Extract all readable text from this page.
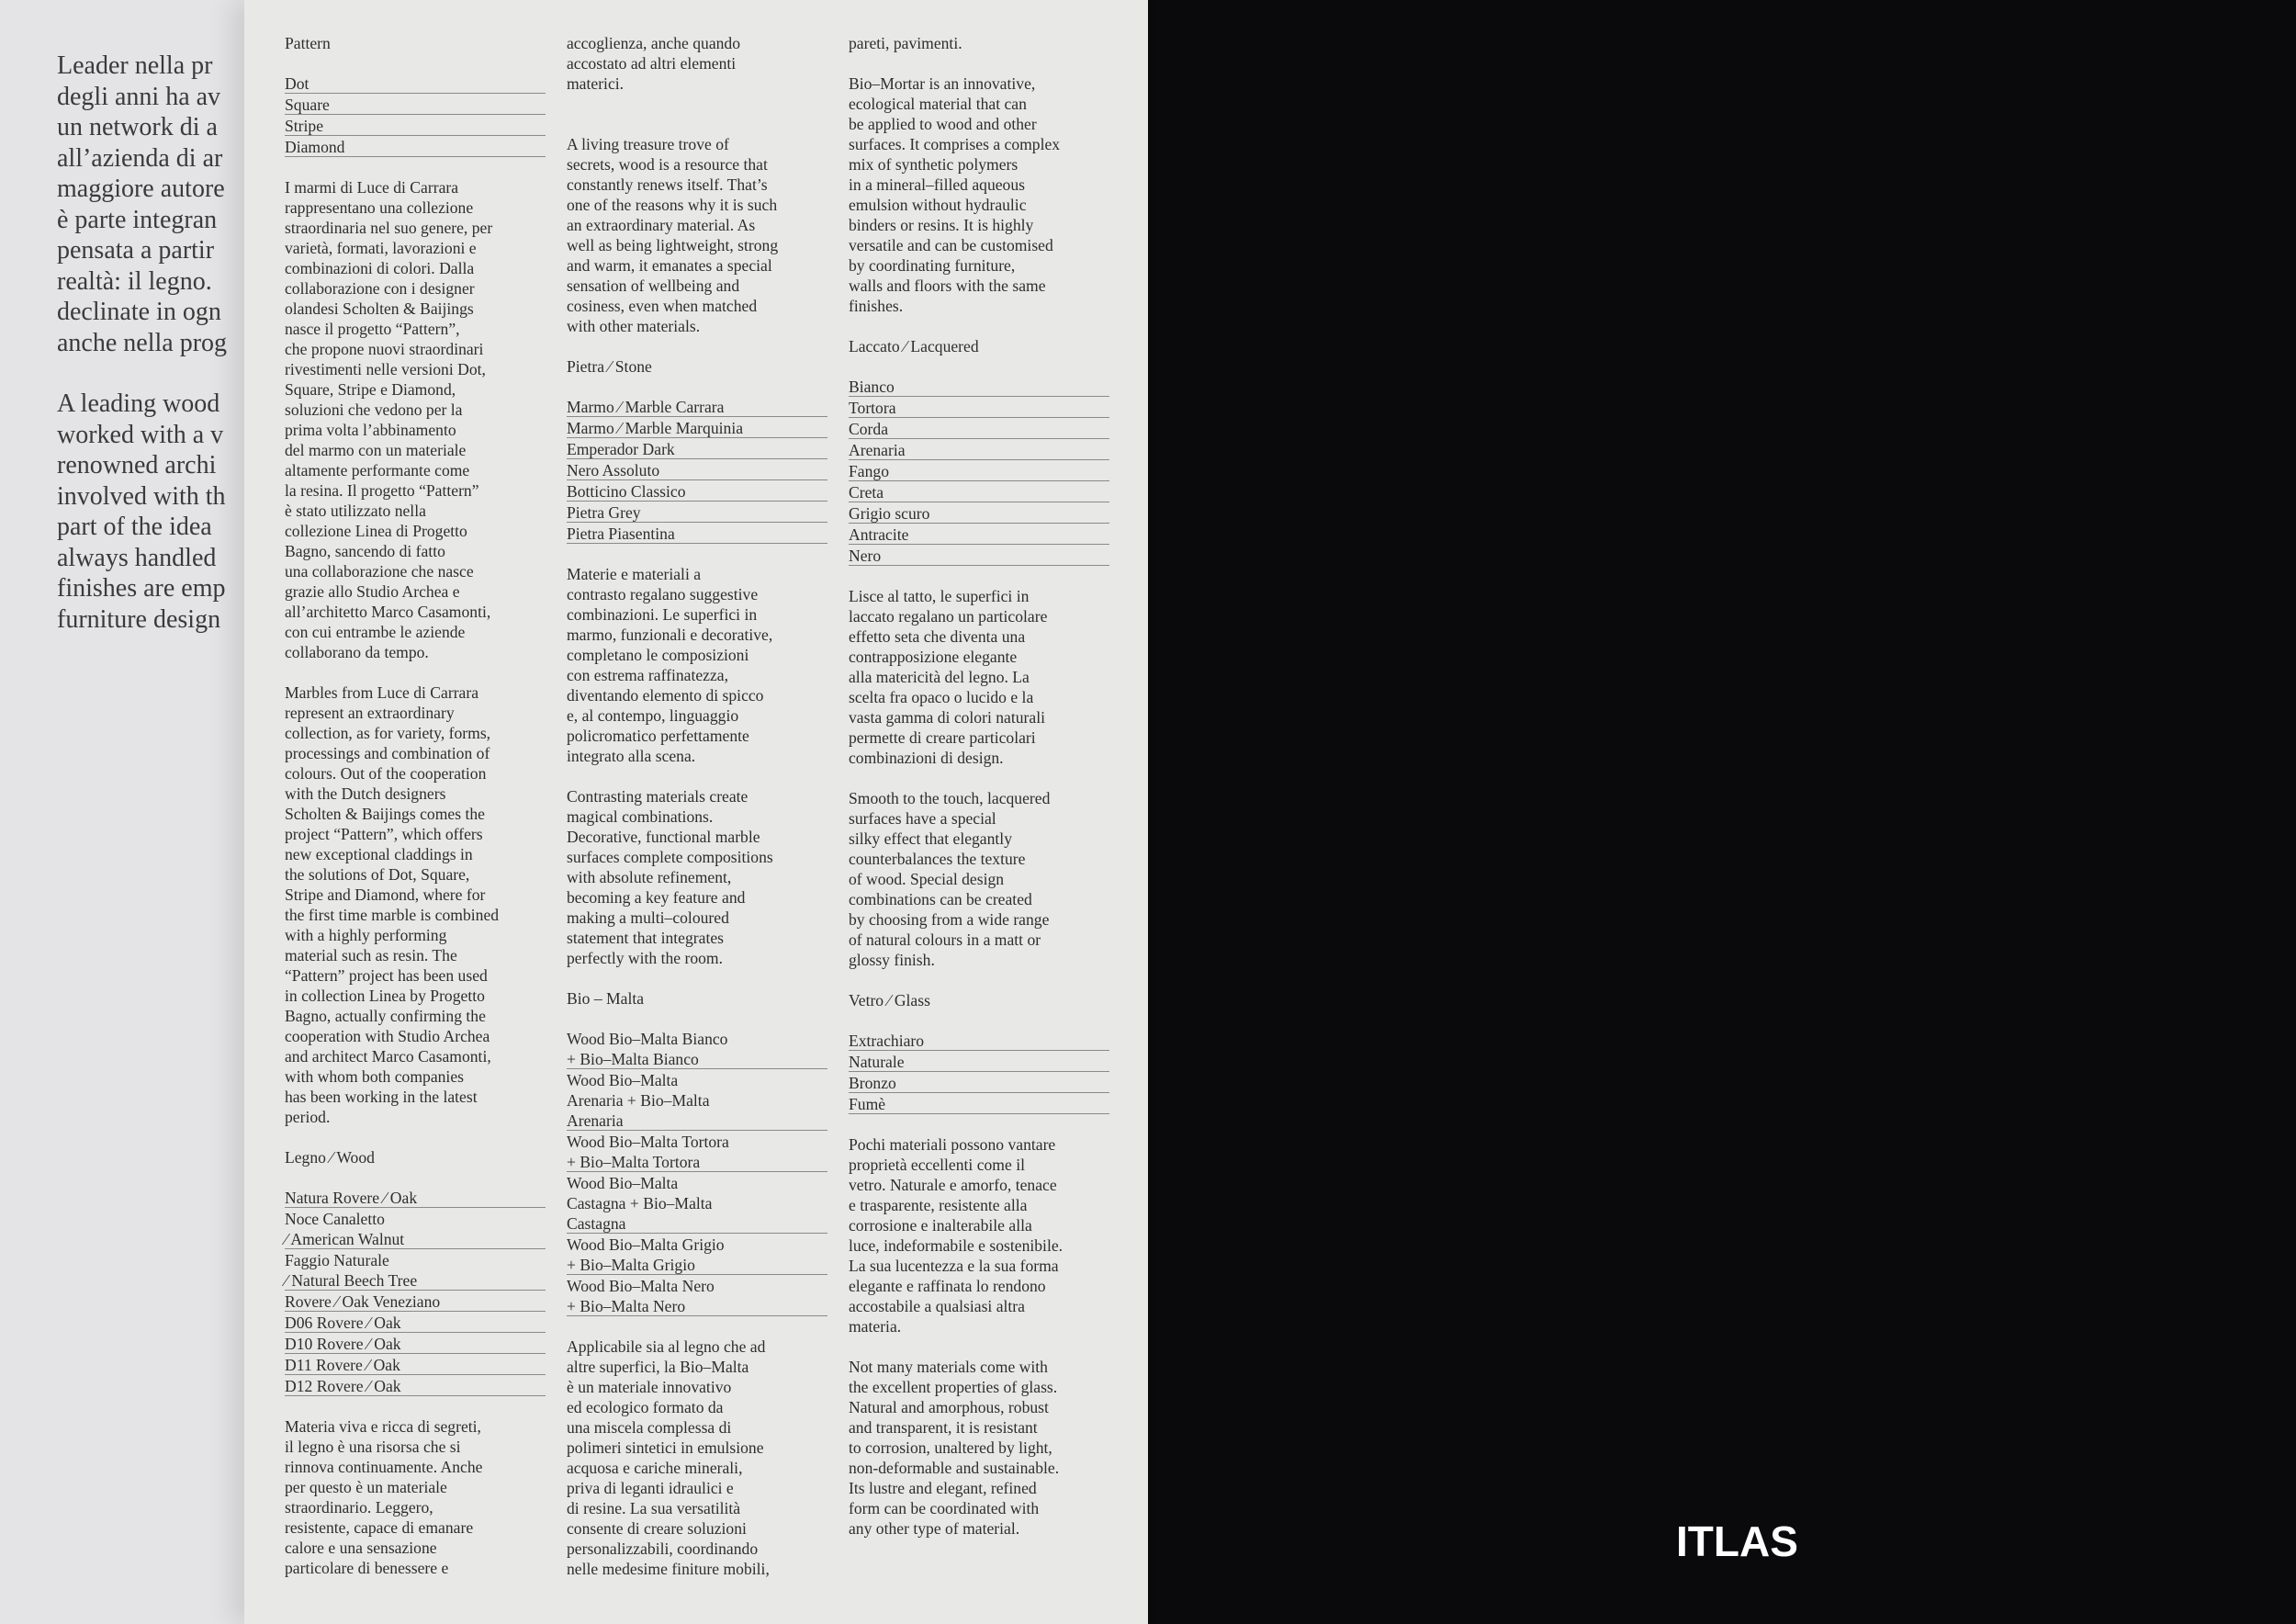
Leader nella pr
degli anni ha av
un network di a
all’azienda di ar
maggiore autore
è parte integran
pensata a partir
realtà: il legno.
declinate in ogn
anche nella prog
A leading wood
worked with a v
renowned archi
involved with th
part of the idea
always handled
finishes are emp
furniture design
Pattern
Dot
Square
Stripe
Diamond
I marmi di Luce di Carrara
rappresentano una collezione
straordinaria nel suo genere, per
varietà, formati, lavorazioni e
combinazioni di colori. Dalla
collaborazione con i designer
olandesi Scholten & Baijings
nasce il progetto “Pattern”,
che propone nuovi straordinari
rivestimenti nelle versioni Dot,
Square, Stripe e Diamond,
soluzioni che vedono per la
prima volta l’abbinamento
del marmo con un materiale
altamente performante come
la resina. Il progetto “Pattern”
è stato utilizzato nella
collezione Linea di Progetto
Bagno, sancendo di fatto
una collaborazione che nasce
grazie allo Studio Archea e
all’architetto Marco Casamonti,
con cui entrambe le aziende
collaborano da tempo.
Marbles from Luce di Carrara
represent an extraordinary
collection, as for variety, forms,
processings and combination of
colours. Out of the cooperation
with the Dutch designers
Scholten & Baijings comes the
project “Pattern”, which offers
new exceptional claddings in
the solutions of Dot, Square,
Stripe and Diamond, where for
the first time marble is combined
with a highly performing
material such as resin. The
“Pattern” project has been used
in collection Linea by Progetto
Bagno, actually confirming the
cooperation with Studio Archea
and architect Marco Casamonti,
with whom both companies
has been working in the latest
period.
Legno ⁄ Wood
Natura Rovere ⁄ Oak
Noce Canaletto
⁄ American Walnut
Faggio Naturale
⁄ Natural Beech Tree
Rovere ⁄ Oak Veneziano
D06 Rovere ⁄ Oak
D10 Rovere ⁄ Oak
D11 Rovere ⁄ Oak
D12 Rovere ⁄ Oak
Materia viva e ricca di segreti,
il legno è una risorsa che si
rinnova continuamente. Anche
per questo è un materiale
straordinario. Leggero,
resistente, capace di emanare
calore e una sensazione
particolare di benessere e
accoglienza, anche quando
accostato ad altri elementi
materici.
A living treasure trove of
secrets, wood is a resource that
constantly renews itself. That’s
one of the reasons why it is such
an extraordinary material. As
well as being lightweight, strong
and warm, it emanates a special
sensation of wellbeing and
cosiness, even when matched
with other materials.
Pietra ⁄ Stone
Marmo ⁄ Marble Carrara
Marmo ⁄ Marble Marquinia
Emperador Dark
Nero Assoluto
Botticino Classico
Pietra Grey
Pietra Piasentina
Materie e materiali a
contrasto regalano suggestive
combinazioni. Le superfici in
marmo, funzionali e decorative,
completano le composizioni
con estrema raffinatezza,
diventando elemento di spicco
e, al contempo, linguaggio
policromatico perfettamente
integrato alla scena.
Contrasting materials create
magical combinations.
Decorative, functional marble
surfaces complete compositions
with absolute refinement,
becoming a key feature and
making a multi–coloured
statement that integrates
perfectly with the room.
Bio – Malta
Wood Bio–Malta Bianco
+ Bio–Malta Bianco
Wood Bio–Malta
Arenaria + Bio–Malta
Arenaria
Wood Bio–Malta Tortora
+ Bio–Malta Tortora
Wood Bio–Malta
Castagna + Bio–Malta
Castagna
Wood Bio–Malta Grigio
+ Bio–Malta Grigio
Wood Bio–Malta Nero
+ Bio–Malta Nero
Applicabile sia al legno che ad
altre superfici, la Bio–Malta
è un materiale innovativo
ed ecologico formato da
una miscela complessa di
polimeri sintetici in emulsione
acquosa e cariche minerali,
priva di leganti idraulici e
di resine. La sua versatilità
consente di creare soluzioni
personalizzabili, coordinando
nelle medesime finiture mobili,
pareti, pavimenti.
Bio–Mortar is an innovative,
ecological material that can
be applied to wood and other
surfaces. It comprises a complex
mix of synthetic polymers
in a mineral–filled aqueous
emulsion without hydraulic
binders or resins. It is highly
versatile and can be customised
by coordinating furniture,
walls and floors with the same
finishes.
Laccato ⁄ Lacquered
Bianco
Tortora
Corda
Arenaria
Fango
Creta
Grigio scuro
Antracite
Nero
Lisce al tatto, le superfici in
laccato regalano un particolare
effetto seta che diventa una
contrapposizione elegante
alla matericità del legno. La
scelta fra opaco o lucido e la
vasta gamma di colori naturali
permette di creare particolari
combinazioni di design.
Smooth to the touch, lacquered
surfaces have a special
silky effect that elegantly
counterbalances the texture
of wood. Special design
combinations can be created
by choosing from a wide range
of natural colours in a matt or
glossy finish.
Vetro ⁄ Glass
Extrachiaro
Naturale
Bronzo
Fumè
Pochi materiali possono vantare
proprietà eccellenti come il
vetro. Naturale e amorfo, tenace
e trasparente, resistente alla
corrosione e inalterabile alla
luce, indeformabile e sostenibile.
La sua lucentezza e la sua forma
elegante e raffinata lo rendono
accostabile a qualsiasi altra
materia.
Not many materials come with
the excellent properties of glass.
Natural and amorphous, robust
and transparent, it is resistant
to corrosion, unaltered by light,
non-deformable and sustainable.
Its lustre and elegant, refined
form can be coordinated with
any other type of material.	ITLAS
